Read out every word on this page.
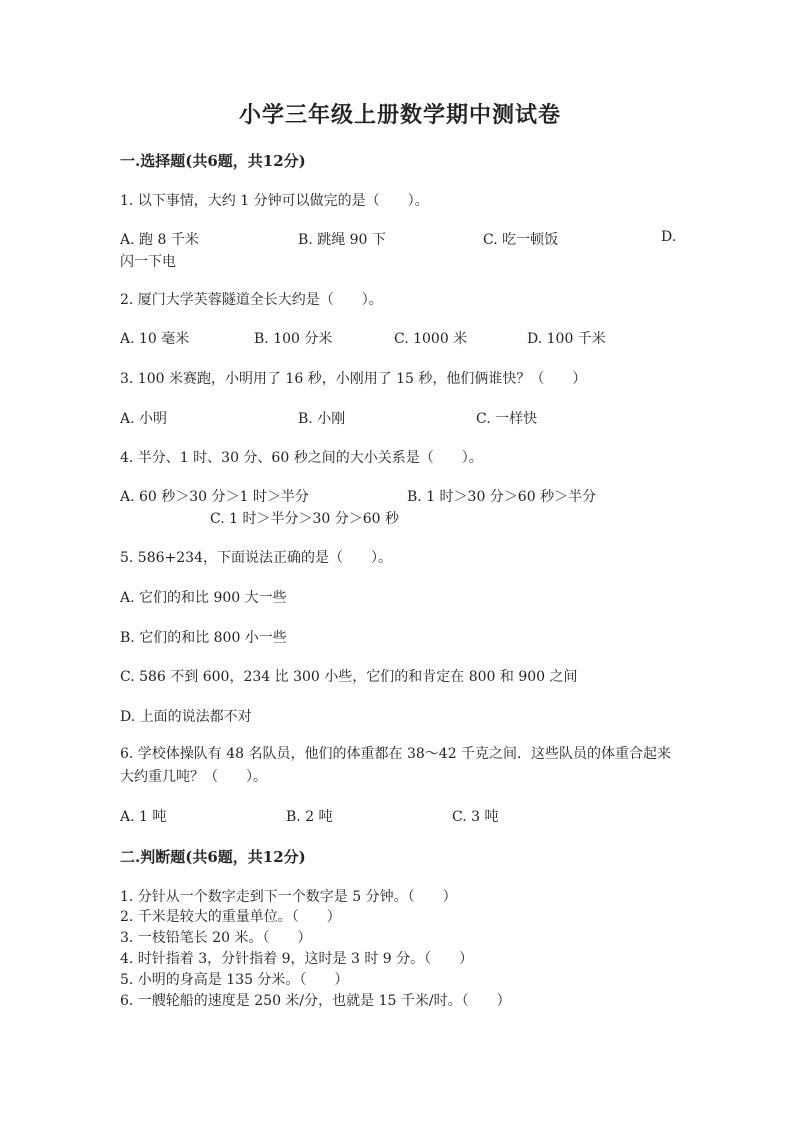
小学三年级上册数学期中测试卷
一.选择题(共6题，共12分)
1. 以下事情，大约 1 分钟可以做完的是（　　）。
A. 跑 8 千米	B. 跳绳 90 下	C. 吃一顿饭	D.
闪一下电
2. 厦门大学芙蓉隧道全长大约是（　　）。
A. 10 毫米	B. 100 分米	C. 1000 米	D. 100 千米
3. 100 米赛跑，小明用了 16 秒，小刚用了 15 秒，他们俩谁快？（　　）
A. 小明	B. 小刚	C. 一样快
4. 半分、1 时、30 分、60 秒之间的大小关系是（　　）。
A. 60 秒＞30 分＞1 时＞半分	B. 1 时＞30 分＞60 秒＞半分
C. 1 时＞半分＞30 分＞60 秒
5. 586+234，下面说法正确的是（　　）。
A. 它们的和比 900 大一些
B. 它们的和比 800 小一些
C. 586 不到 600，234 比 300 小些，它们的和肯定在 800 和 900 之间
D. 上面的说法都不对
6. 学校体操队有 48 名队员，他们的体重都在 38～42 千克之间．这些队员的体重合起来大约重几吨？（　　）。
A. 1 吨	B. 2 吨	C. 3 吨
二.判断题(共6题，共12分)
1. 分针从一个数字走到下一个数字是 5 分钟。（　　）
2. 千米是较大的重量单位。（　　）
3. 一枝铅笔长 20 米。（　　）
4. 时针指着 3，分针指着 9，这时是 3 时 9 分。（　　）
5. 小明的身高是 135 分米。（　　）
6. 一艘轮船的速度是 250 米/分，也就是 15 千米/时。（　　）
